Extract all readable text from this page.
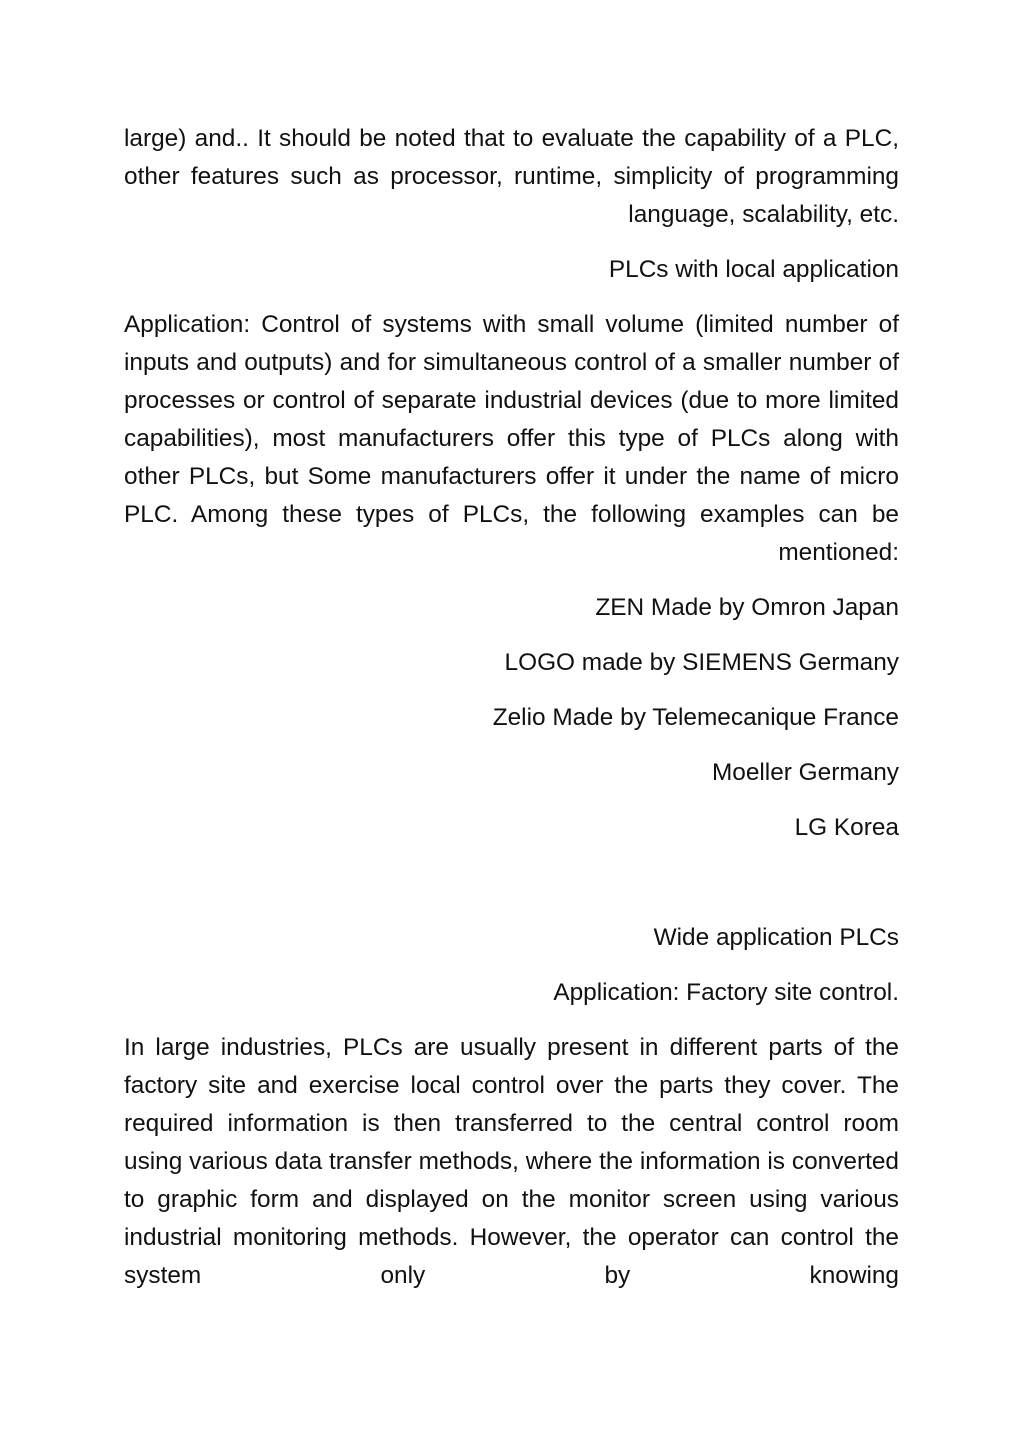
large) and.. It should be noted that to evaluate the capability of a PLC, other features such as processor, runtime, simplicity of programming language, scalability, etc.

PLCs with local application

Application: Control of systems with small volume (limited number of inputs and outputs) and for simultaneous control of a smaller number of processes or control of separate industrial devices (due to more limited capabilities), most manufacturers offer this type of PLCs along with other PLCs, but Some manufacturers offer it under the name of micro PLC. Among these types of PLCs, the following examples can be mentioned:

ZEN Made by Omron Japan

LOGO made by SIEMENS Germany

Zelio Made by Telemecanique France

Moeller Germany

LG Korea

Wide application PLCs

Application: Factory site control.

In large industries, PLCs are usually present in different parts of the factory site and exercise local control over the parts they cover. The required information is then transferred to the central control room using various data transfer methods, where the information is converted to graphic form and displayed on the monitor screen using various industrial monitoring methods. However, the operator can control the system only by knowing
